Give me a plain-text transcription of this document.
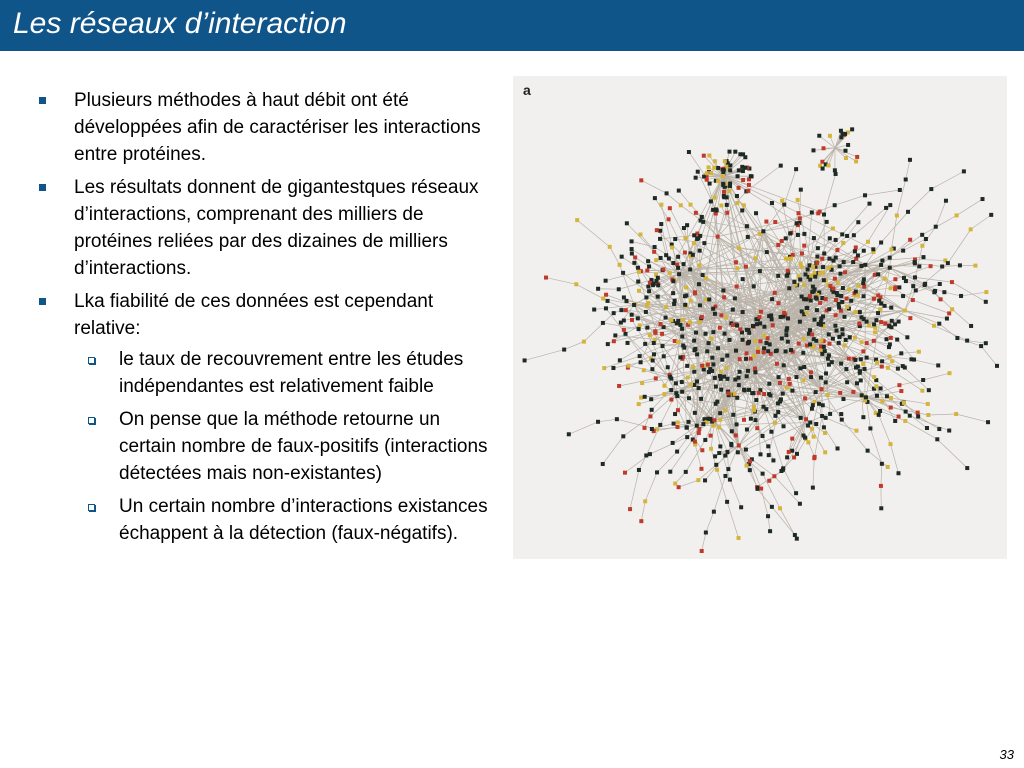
Les réseaux d’interaction
Plusieurs méthodes à haut débit ont été développées afin de caractériser les interactions entre protéines.
Les résultats donnent de gigantestques réseaux d’interactions, comprenant des milliers de protéines reliées par des dizaines de milliers d’interactions.
Lka fiabilité de ces données est cependant relative:
le taux de recouvrement entre les études indépendantes est relativement faible
On pense que la méthode retourne un certain nombre de faux-positifs (interactions détectées mais non-existantes)
Un certain nombre d’interactions existances échappent à la détection (faux-négatifs).
a
33
